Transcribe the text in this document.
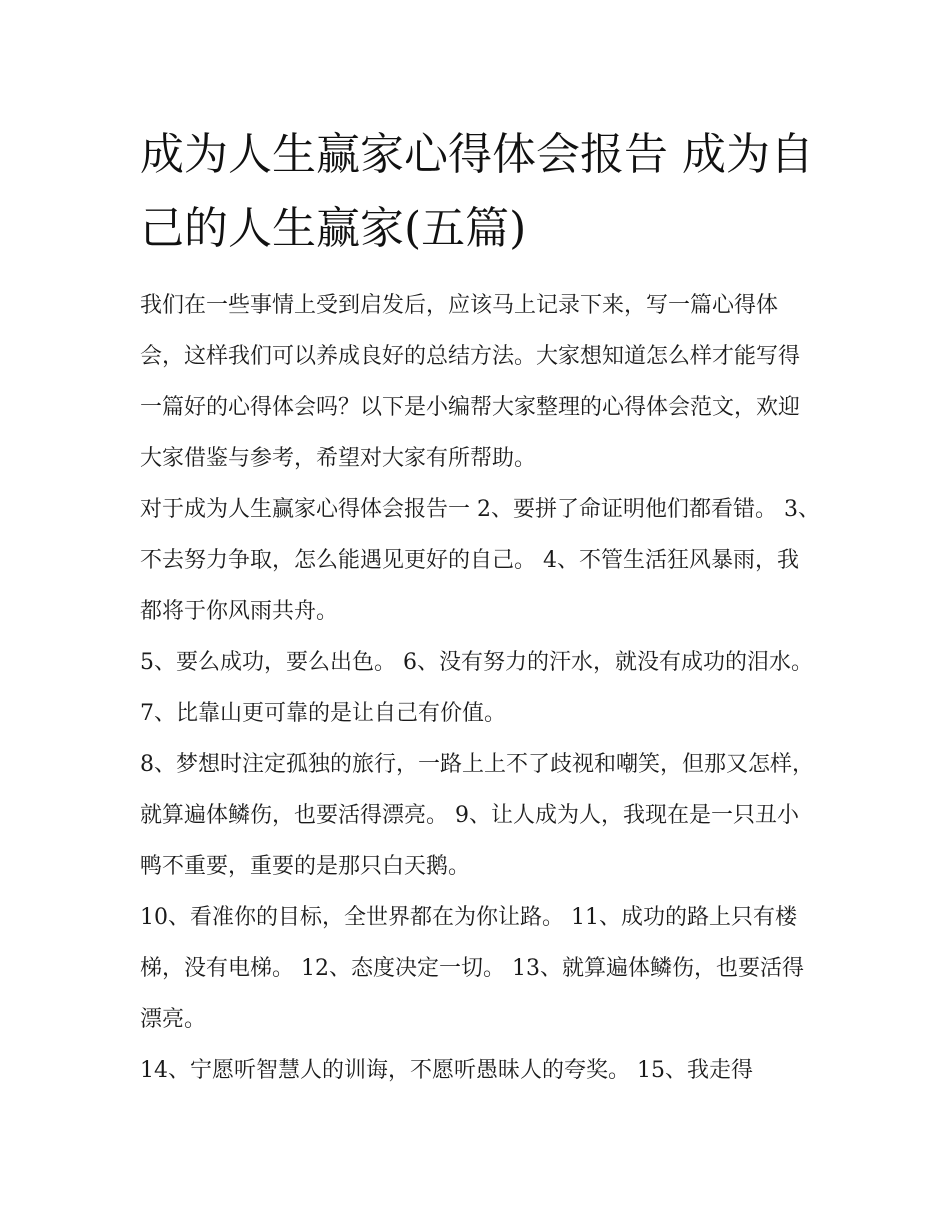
成为人生赢家心得体会报告 成为自己的人生赢家(五篇)

我们在一些事情上受到启发后，应该马上记录下来，写一篇心得体会，这样我们可以养成良好的总结方法。大家想知道怎么样才能写得一篇好的心得体会吗？以下是小编帮大家整理的心得体会范文，欢迎大家借鉴与参考，希望对大家有所帮助。

对于成为人生赢家心得体会报告一 2、要拼了命证明他们都看错。 3、不去努力争取，怎么能遇见更好的自己。 4、不管生活狂风暴雨，我都将于你风雨共舟。

5、要么成功，要么出色。 6、没有努力的汗水，就没有成功的泪水。 7、比靠山更可靠的是让自己有价值。

8、梦想时注定孤独的旅行，一路上上不了歧视和嘲笑，但那又怎样，就算遍体鳞伤，也要活得漂亮。 9、让人成为人，我现在是一只丑小鸭不重要，重要的是那只白天鹅。

10、看准你的目标，全世界都在为你让路。 11、成功的路上只有楼梯，没有电梯。 12、态度决定一切。 13、就算遍体鳞伤，也要活得漂亮。

14、宁愿听智慧人的训诲，不愿听愚昧人的夸奖。 15、我走得
